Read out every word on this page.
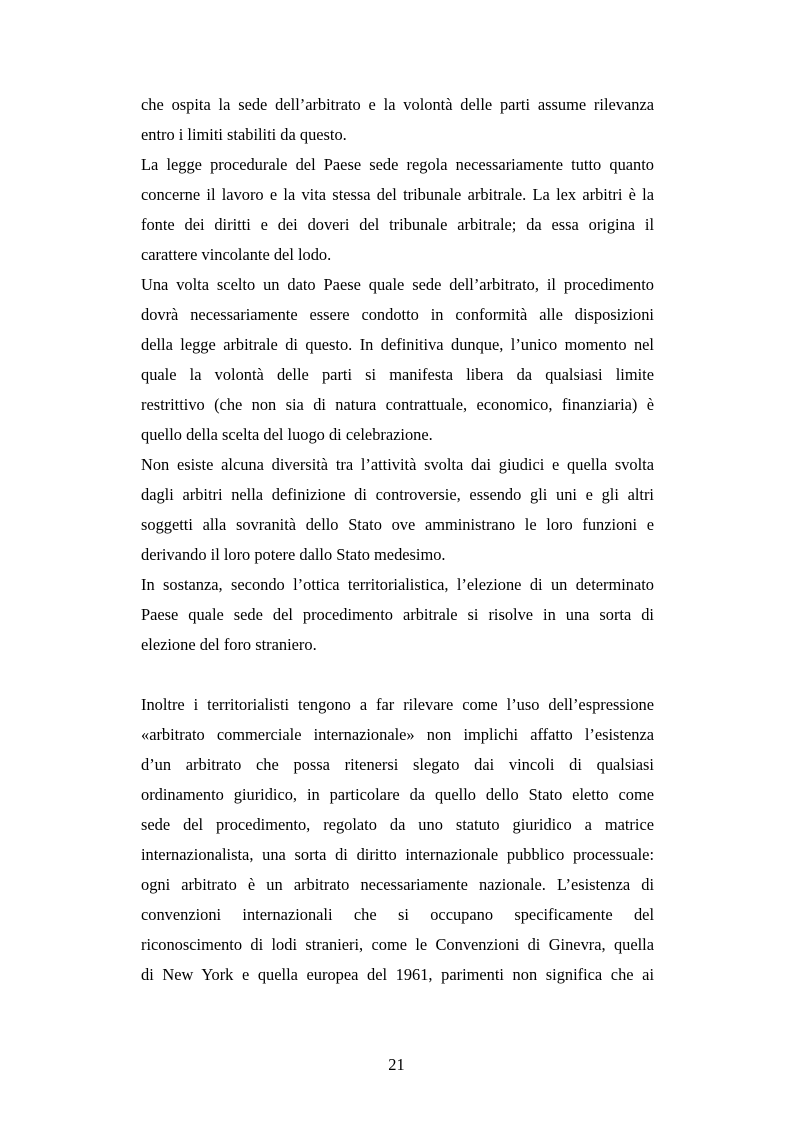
che ospita la sede dell’arbitrato e la volontà delle parti assume rilevanza
entro i limiti stabiliti da questo.

La legge procedurale del Paese sede regola necessariamente tutto quanto
concerne il lavoro e la vita stessa del tribunale arbitrale. La lex arbitri è la
fonte dei diritti e dei doveri del tribunale arbitrale; da essa origina il
carattere vincolante del lodo.

Una volta scelto un dato Paese quale sede dell’arbitrato, il procedimento
dovrà necessariamente essere condotto in conformità alle disposizioni
della legge arbitrale di questo. In definitiva dunque, l’unico momento nel
quale la volontà delle parti si manifesta libera da qualsiasi limite
restrittivo (che non sia di natura contrattuale, economico, finanziaria) è
quello della scelta del luogo di celebrazione.

Non esiste alcuna diversità tra l’attività svolta dai giudici e quella svolta
dagli arbitri nella definizione di controversie, essendo gli uni e gli altri
soggetti alla sovranità dello Stato ove amministrano le loro funzioni e
derivando il loro potere dallo Stato medesimo.

In sostanza, secondo l’ottica territorialistica, l’elezione di un determinato
Paese quale sede del procedimento arbitrale si risolve in una sorta di
elezione del foro straniero.

Inoltre i territorialisti tengono a far rilevare come l’uso dell’espressione
«arbitrato commerciale internazionale» non implichi affatto l’esistenza
d’un arbitrato che possa ritenersi slegato dai vincoli di qualsiasi
ordinamento giuridico, in particolare da quello dello Stato eletto come
sede del procedimento, regolato da uno statuto giuridico a matrice
internazionalista, una sorta di diritto internazionale pubblico processuale:
ogni arbitrato è un arbitrato necessariamente nazionale. L’esistenza di
convenzioni internazionali che si occupano specificamente del
riconoscimento di lodi stranieri, come le Convenzioni di Ginevra, quella
di New York e quella europea del 1961, parimenti non significa che ai

21
